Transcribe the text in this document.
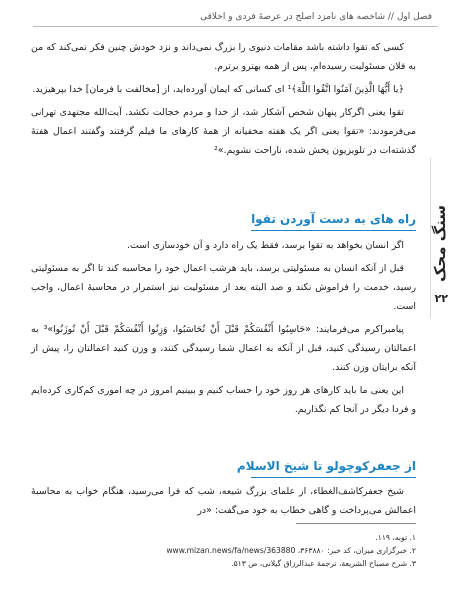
فصل اول // شاخصه های نامزد اصلح در عرصهٔ فردی و اخلاقی
سنگ محک
۲۲

کسی که تقوا داشته باشد مقامات دنیوی را بزرگ نمی‌داند و نزد خودش چنین فکر نمی‌کند که من به فلان مسئولیت رسیده‌ام، پس از همه بهترو برترم.

﴿یا أَيُّهَا الَّذِينَ آمَنُوا اتَّقُوا اللَّهَ﴾¹ ای کسانی که ایمان آورده‌اید، از [مخالفت با فرمان] خدا بپرهیزید.

تقوا یعنی اگرکار پنهان شخص آشکار شد، از خدا و مردم خجالت نکشد. آیت‌الله مجتهدی تهرانی می‌فرمودند: «تقوا یعنی اگر یک هفته مخفیانه از همهٔ کارهای ما فیلم گرفتند وگفتند اعمال هفتهٔ گذشته‌ات در تلویزیون پخش شده، ناراحت نشویم.»²

راه های به دست آوردن تقوا

اگر انسان بخواهد به تقوا برسد، فقط یک راه دارد و آن خودسازی است.

قبل از آنکه انسان به مسئولیتی برسد، باید هرشب اعمال خود را محاسبه کند تا اگر به مسئولیتی رسید، خدمت را فراموش نکند و صد البته بعد از مسئولیت نیز استمرار در محاسبهٔ اعمال، واجب است.

پیامبراکرم می‌فرمایند: «حَاسِبُوا أَنْفُسَكُمْ قَبْلَ أَنْ تُحَاسَبُوا، وَزِنُوا أَنْفُسَكُمْ قَبْلَ أَنْ تُوزَنُوا»³ به اعمالتان رسیدگی کنید، قبل از آنکه به اعمال شما رسیدگی کنند، و وزن کنید اعمالتان را، پیش از آنکه برایتان وزن کنند.

این یعنی ما باید کارهای هر روز خود را حساب کنیم و ببینیم امروز در چه اموری کم‌کاری کرده‌ایم و فردا دیگر در آنجا کم نگذاریم.

از جعفرکوچولو تا شیخ الاسلام

شیخ جعفرکاشف‌الغطاء، از علمای بزرگ شیعه، شب که فرا می‌رسید، هنگام خواب به محاسبهٔ اعمالش می‌پرداخت و گاهی خطاب به خود می‌گفت: «در

۱. توبه، ۱۱۹.

۲. خبرگزاری میزان، کد خبر: ۳۶۳۸۸۰، www.mizan.news/fa/news/363880

۳. شرح مصباح الشریعة، ترجمهٔ عبدالرزاق گیلانی، ص ۵۱۳.
